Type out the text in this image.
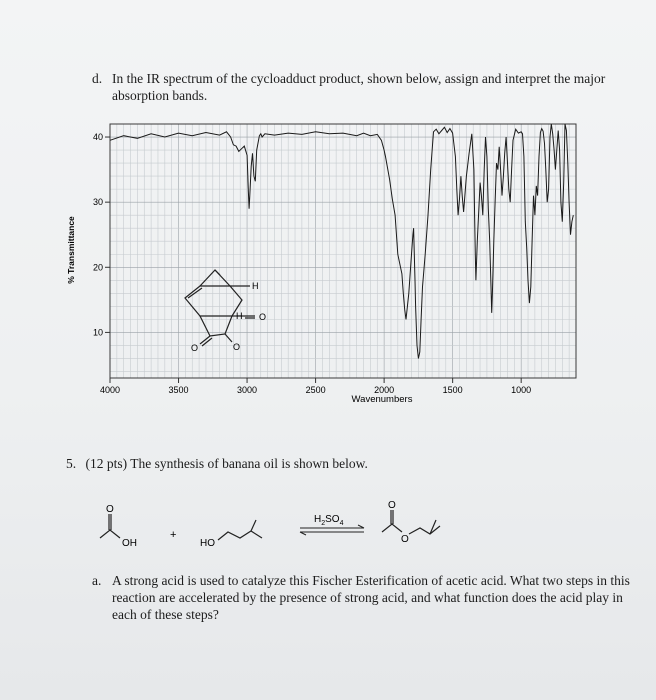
d. In the IR spectrum of the cycloadduct product, shown below, assign and interpret the major absorption bands.
10
20
30
40
4000	3500	3000	2500	2000	1500	1000
% Transmittance
Wavenumbers
H
H O
O	O
5. (12 pts) The synthesis of banana oil is shown below.
O
OH
+
HO
$H_2SO_4$
O
O
a. A strong acid is used to catalyze this Fischer Esterification of acetic acid. What two steps in this reaction are accelerated by the presence of strong acid, and what function does the acid play in each of these steps?
